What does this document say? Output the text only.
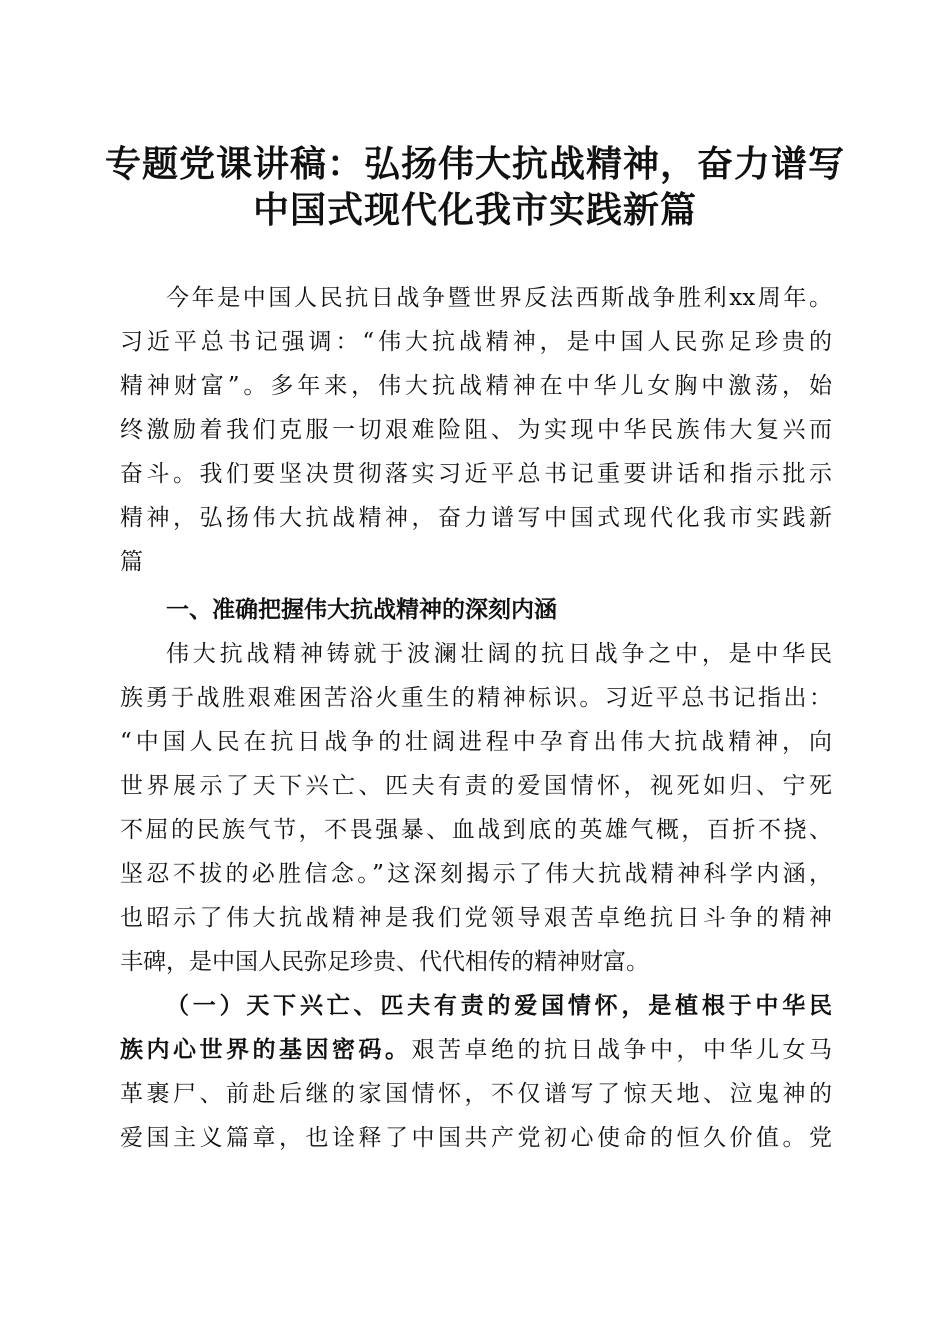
专题党课讲稿：弘扬伟大抗战精神，奋力谱写
中国式现代化我市实践新篇
今年是中国人民抗日战争暨世界反法西斯战争胜利xx周年。
习近平总书记强调：“伟大抗战精神，是中国人民弥足珍贵的
精神财富”。多年来，伟大抗战精神在中华儿女胸中激荡，始
终激励着我们克服一切艰难险阻、为实现中华民族伟大复兴而
奋斗。我们要坚决贯彻落实习近平总书记重要讲话和指示批示
精神，弘扬伟大抗战精神，奋力谱写中国式现代化我市实践新
篇
一、准确把握伟大抗战精神的深刻内涵
伟大抗战精神铸就于波澜壮阔的抗日战争之中，是中华民
族勇于战胜艰难困苦浴火重生的精神标识。习近平总书记指出：
“中国人民在抗日战争的壮阔进程中孕育出伟大抗战精神，向
世界展示了天下兴亡、匹夫有责的爱国情怀，视死如归、宁死
不屈的民族气节，不畏强暴、血战到底的英雄气概，百折不挠、
坚忍不拔的必胜信念。”这深刻揭示了伟大抗战精神科学内涵，
也昭示了伟大抗战精神是我们党领导艰苦卓绝抗日斗争的精神
丰碑，是中国人民弥足珍贵、代代相传的精神财富。
（一）天下兴亡、匹夫有责的爱国情怀，是植根于中华民
族内心世界的基因密码。艰苦卓绝的抗日战争中，中华儿女马
革裹尸、前赴后继的家国情怀，不仅谱写了惊天地、泣鬼神的
爱国主义篇章，也诠释了中国共产党初心使命的恒久价值。党
